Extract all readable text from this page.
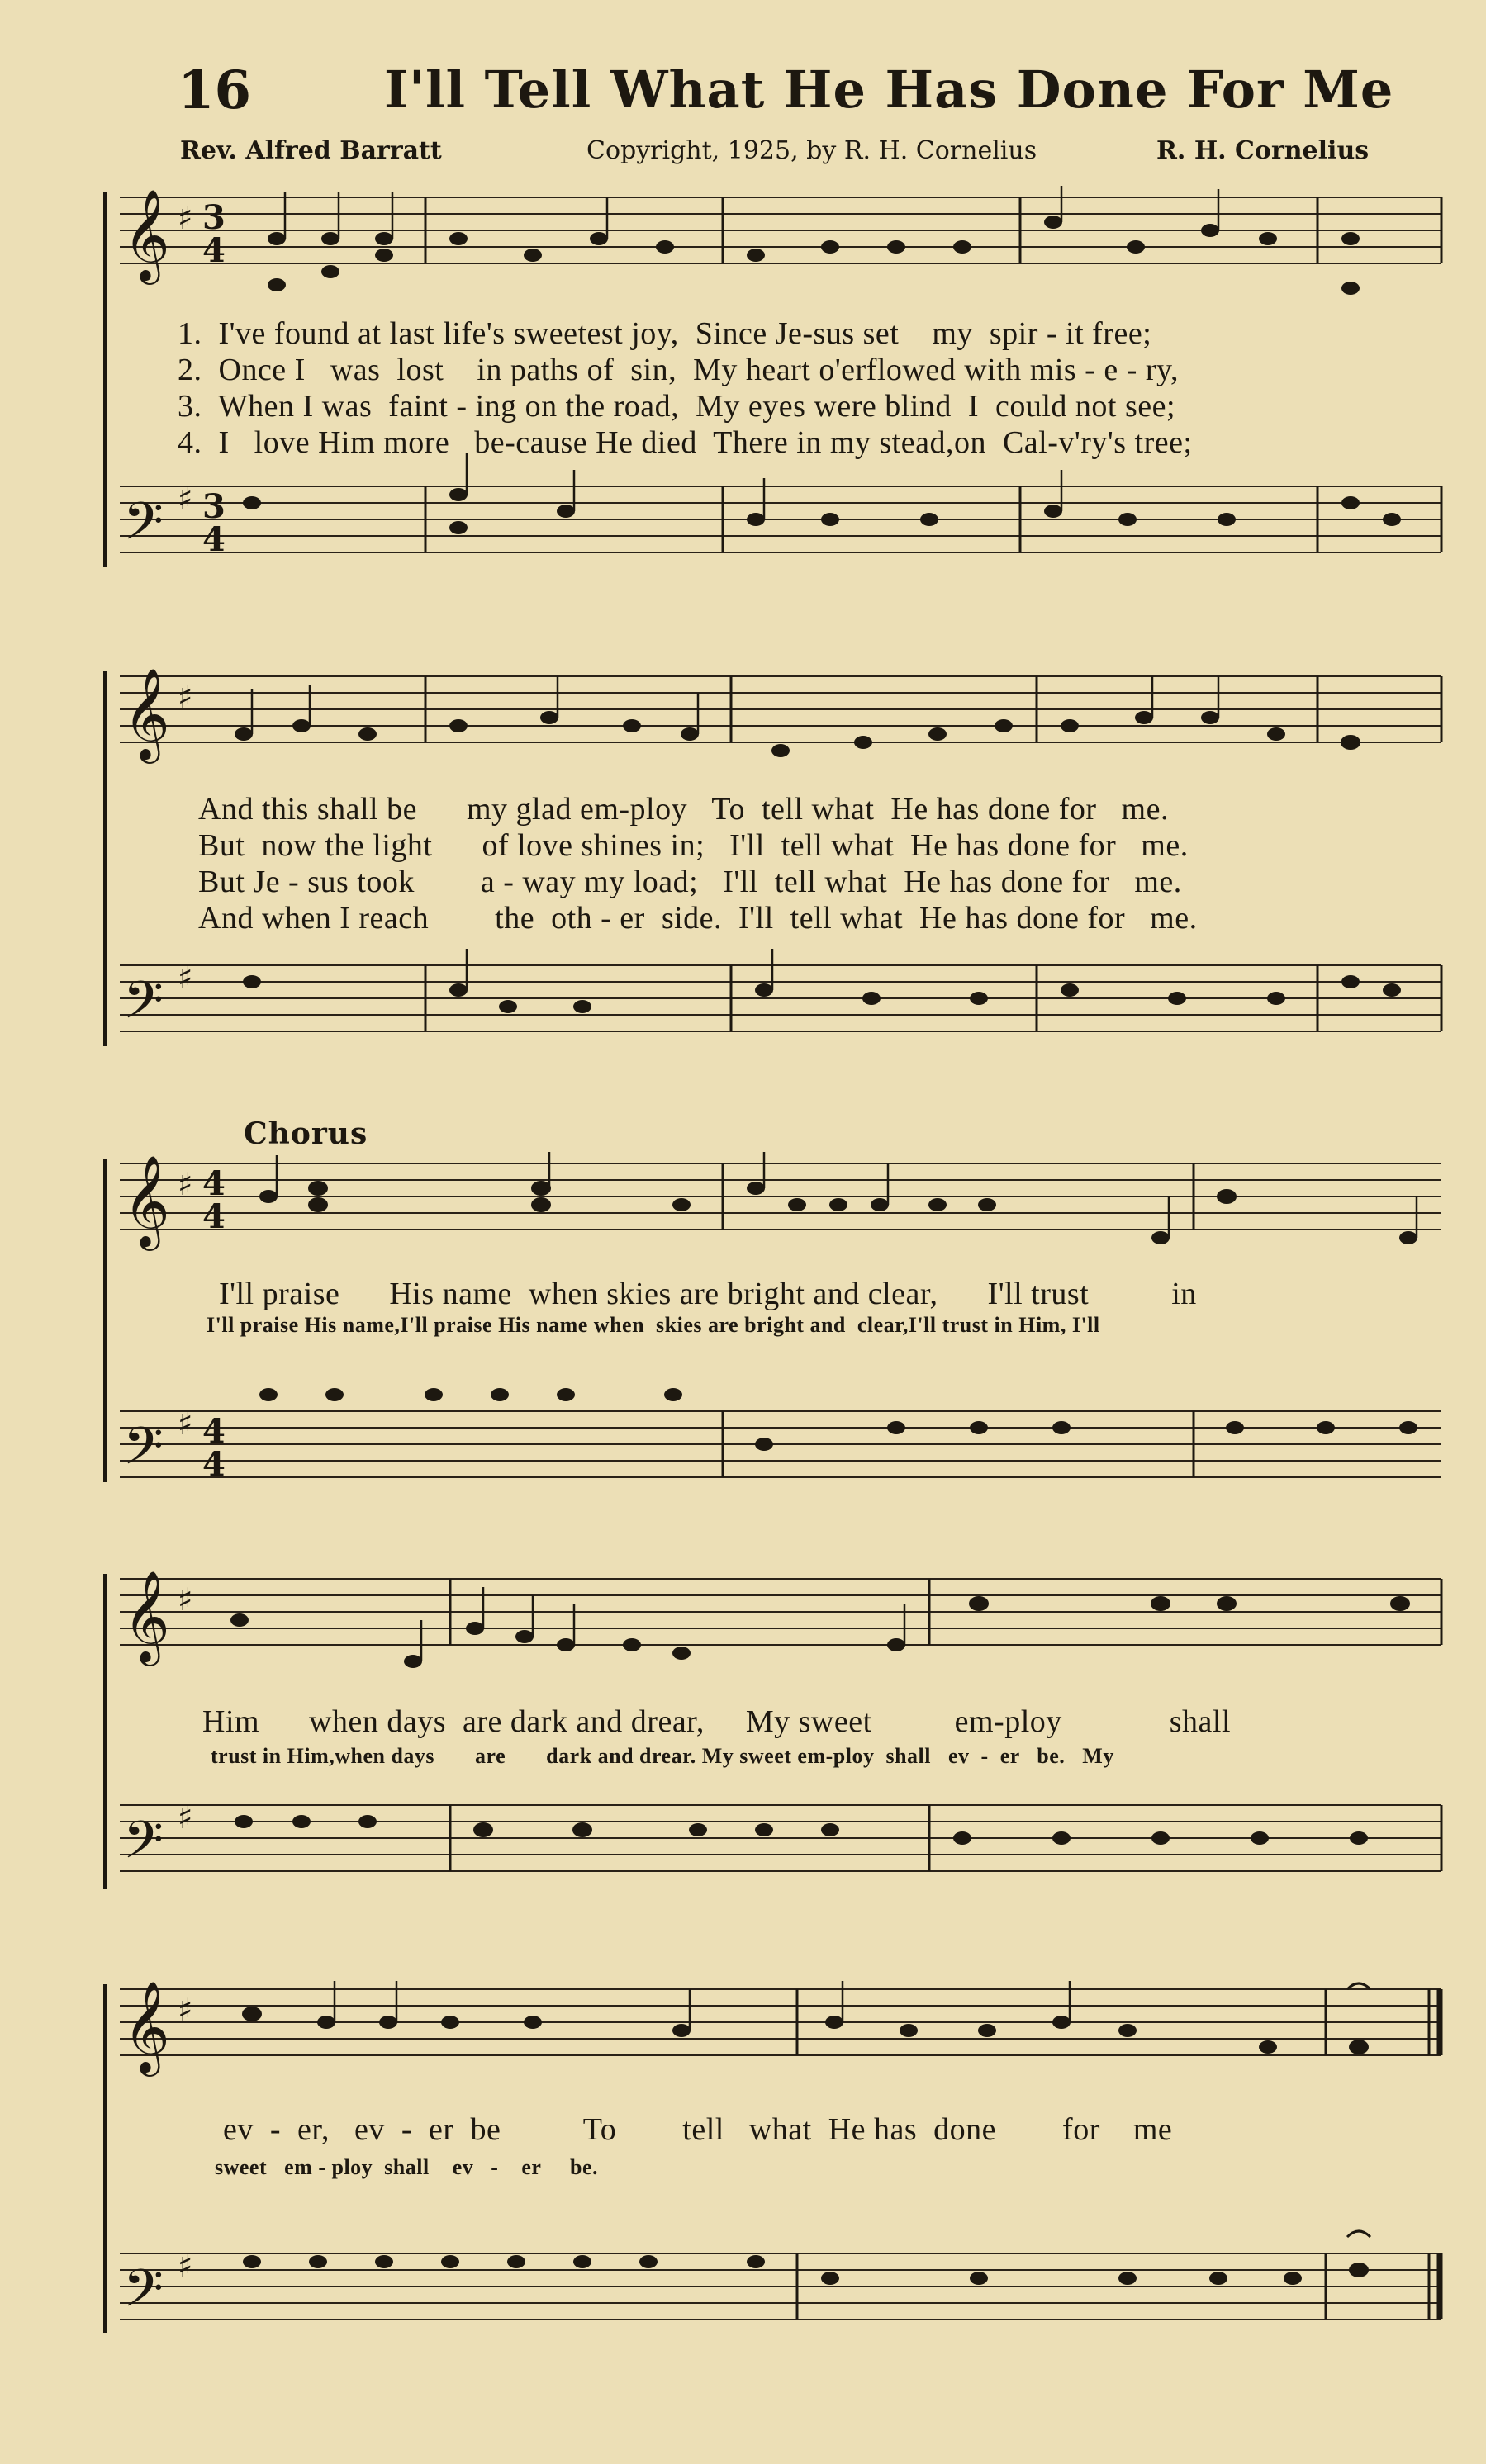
16	I'll Tell What He Has Done For Me
Rev. Alfred Barratt	Copyright, 1925, by R. H. Cornelius	R. H. Cornelius
𝄞
𝄢
♯
♯
3
4
3
4
1.  I've found at last life's sweetest joy,  Since Je-sus set    my  spir - it free;
2.  Once I   was  lost    in paths of  sin,  My heart o'erflowed with mis - e - ry,
3.  When I was  faint - ing on the road,  My eyes were blind  I  could not see;
4.  I   love Him more   be-cause He died  There in my stead,on  Cal-v'ry's tree;
𝄞
𝄢
♯
♯
And this shall be      my glad em-ploy   To  tell what  He has done for   me.
But  now the light      of love shines in;   I'll  tell what  He has done for   me.
But Je - sus took        a - way my load;   I'll  tell what  He has done for   me.
And when I reach        the  oth - er  side.  I'll  tell what  He has done for   me.
Chorus
𝄞
𝄢
♯
♯
4
4
4
4
I'll praise      His name  when skies are bright and clear,      I'll trust          in
I'll praise His name,I'll praise His name when  skies are bright and  clear,I'll trust in Him, I'll
𝄞
𝄢
♯
♯
Him      when days  are dark and drear,     My sweet          em-ploy             shall
trust in Him,when days       are       dark and drear. My sweet em-ploy  shall   ev  -  er   be.   My
𝄞
𝄢
♯
♯
ev  -  er,   ev  -  er  be          To        tell   what  He has  done        for    me
sweet   em - ploy  shall    ev   -    er     be.
